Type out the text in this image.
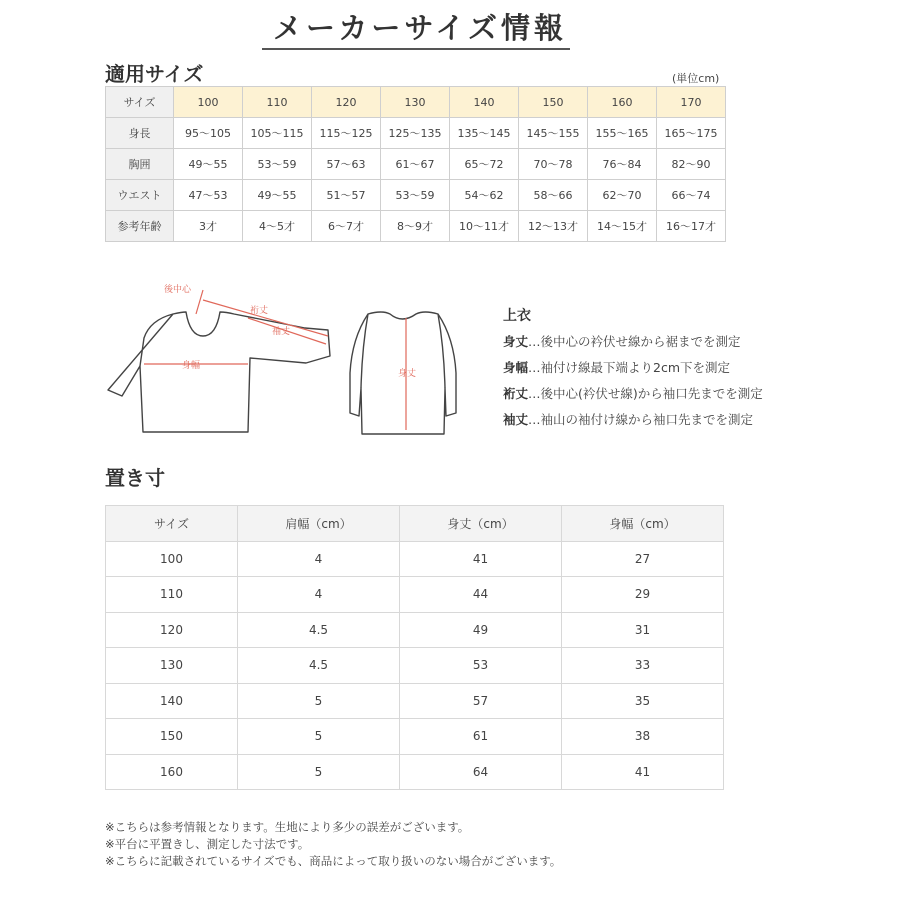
メーカーサイズ情報
適用サイズ	(単位cm)
サイズ	100	110	120	130	140	150	160	170
身長	95～105	105～115	115～125	125～135	135～145	145～155	155～165	165～175
胸囲	49～55	53～59	57～63	61～67	65～72	70～78	76～84	82～90
ウエスト	47～53	49～55	51～57	53～59	54～62	58～66	62～70	66～74
参考年齢	3才	4～5才	6～7才	8～9才	10～11才	12～13才	14～15才	16～17才
後中心
裄丈
袖丈
身幅
身丈
上衣
身丈…後中心の衿伏せ線から裾までを測定
身幅…袖付け線最下端より2cm下を測定
裄丈…後中心(衿伏せ線)から袖口先までを測定
袖丈…袖山の袖付け線から袖口先までを測定
置き寸
サイズ	肩幅（cm）	身丈（cm）	身幅（cm）
100	4	41	27
110	4	44	29
120	4.5	49	31
130	4.5	53	33
140	5	57	35
150	5	61	38
160	5	64	41
※こちらは参考情報となります。生地により多少の誤差がございます。
※平台に平置きし、測定した寸法です。
※こちらに記載されているサイズでも、商品によって取り扱いのない場合がございます。
